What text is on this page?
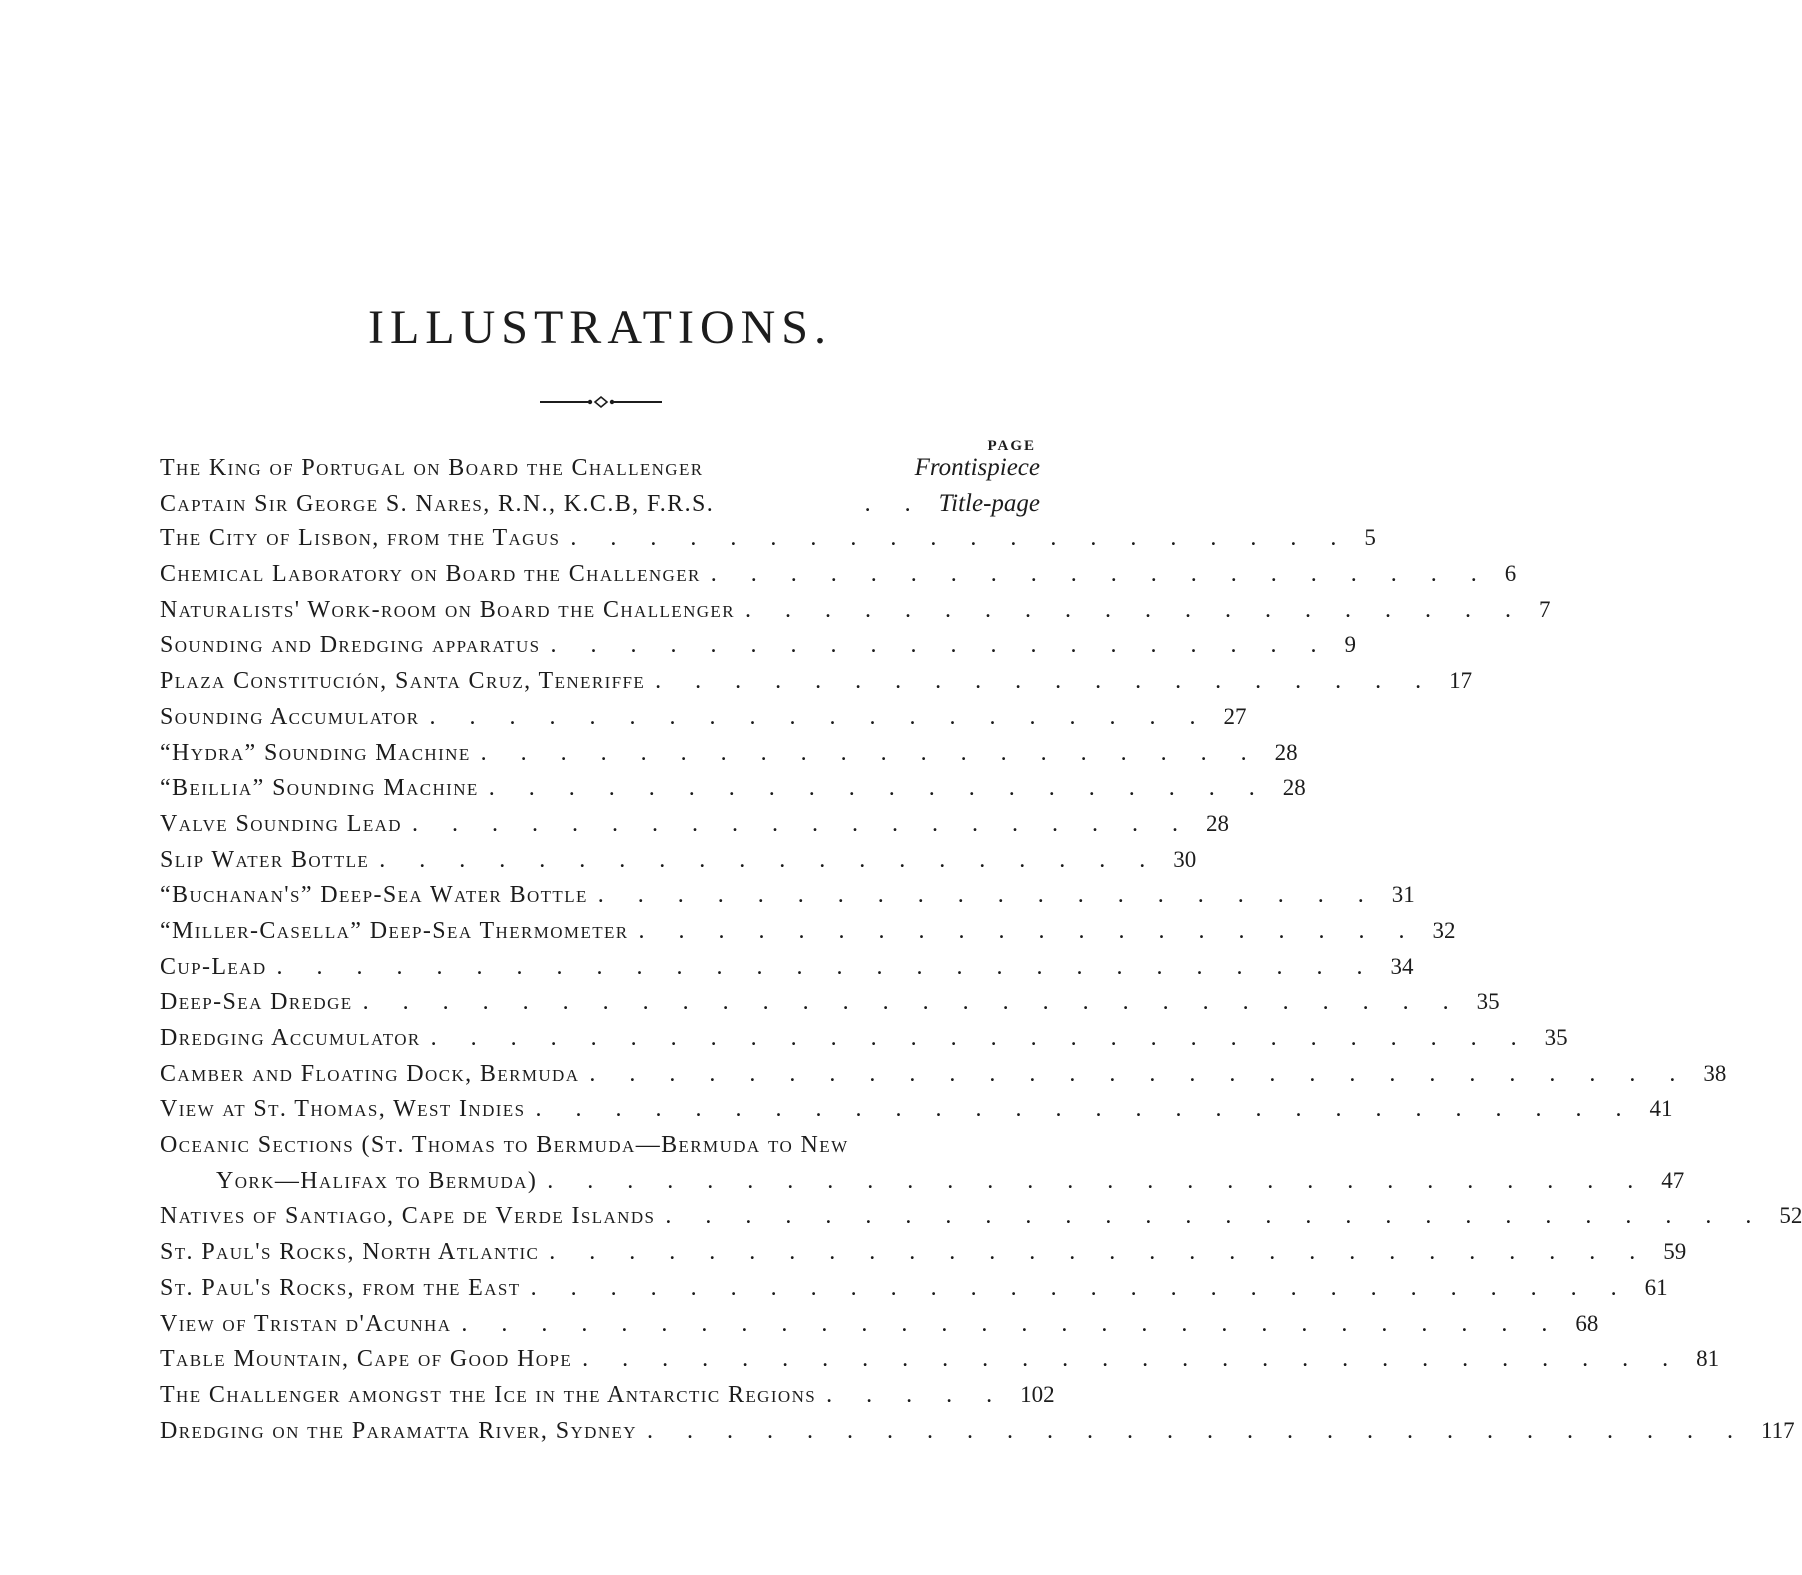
ILLUSTRATIONS.
PAGE
The King of Portugal on Board the Challenger	Frontispiece
Captain Sir George S. Nares, R.N., K.C.B, F.R.S.	. . Title-page
The City of Lisbon, from the Tagus . . . . . . . . . . . . . . . . . . . . 5
Chemical Laboratory on Board the Challenger . . . . . . . . . . . . . . . . . . . . 6
Naturalists' Work-room on Board the Challenger . . . . . . . . . . . . . . . . . . . . 7
Sounding and Dredging apparatus . . . . . . . . . . . . . . . . . . . . 9
Plaza Constitución, Santa Cruz, Teneriffe . . . . . . . . . . . . . . . . . . . . 17
Sounding Accumulator . . . . . . . . . . . . . . . . . . . . 27
“Hydra” Sounding Machine . . . . . . . . . . . . . . . . . . . . 28
“Beillia” Sounding Machine . . . . . . . . . . . . . . . . . . . . 28
Valve Sounding Lead . . . . . . . . . . . . . . . . . . . . 28
Slip Water Bottle . . . . . . . . . . . . . . . . . . . . 30
“Buchanan's” Deep-Sea Water Bottle . . . . . . . . . . . . . . . . . . . . 31
“Miller-Casella” Deep-Sea Thermometer . . . . . . . . . . . . . . . . . . . . 32
Cup-Lead . . . . . . . . . . . . . . . . . . . . . . . . . . . . 34
Deep-Sea Dredge . . . . . . . . . . . . . . . . . . . . . . . . . . . . 35
Dredging Accumulator . . . . . . . . . . . . . . . . . . . . . . . . . . . . 35
Camber and Floating Dock, Bermuda . . . . . . . . . . . . . . . . . . . . . . . . . . . . 38
View at St. Thomas, West Indies . . . . . . . . . . . . . . . . . . . . . . . . . . . . 41
Oceanic Sections (St. Thomas to Bermuda—Bermuda to New
York—Halifax to Bermuda) . . . . . . . . . . . . . . . . . . . . . . . . . . . . 47
Natives of Santiago, Cape de Verde Islands . . . . . . . . . . . . . . . . . . . . . . . . . . . . 52
St. Paul's Rocks, North Atlantic . . . . . . . . . . . . . . . . . . . . . . . . . . . . 59
St. Paul's Rocks, from the East . . . . . . . . . . . . . . . . . . . . . . . . . . . . 61
View of Tristan d'Acunha . . . . . . . . . . . . . . . . . . . . . . . . . . . . 68
Table Mountain, Cape of Good Hope . . . . . . . . . . . . . . . . . . . . . . . . . . . . 81
The Challenger amongst the Ice in the Antarctic Regions . . . . . 102
Dredging on the Paramatta River, Sydney . . . . . . . . . . . . . . . . . . . . . . . . . . . . 117
